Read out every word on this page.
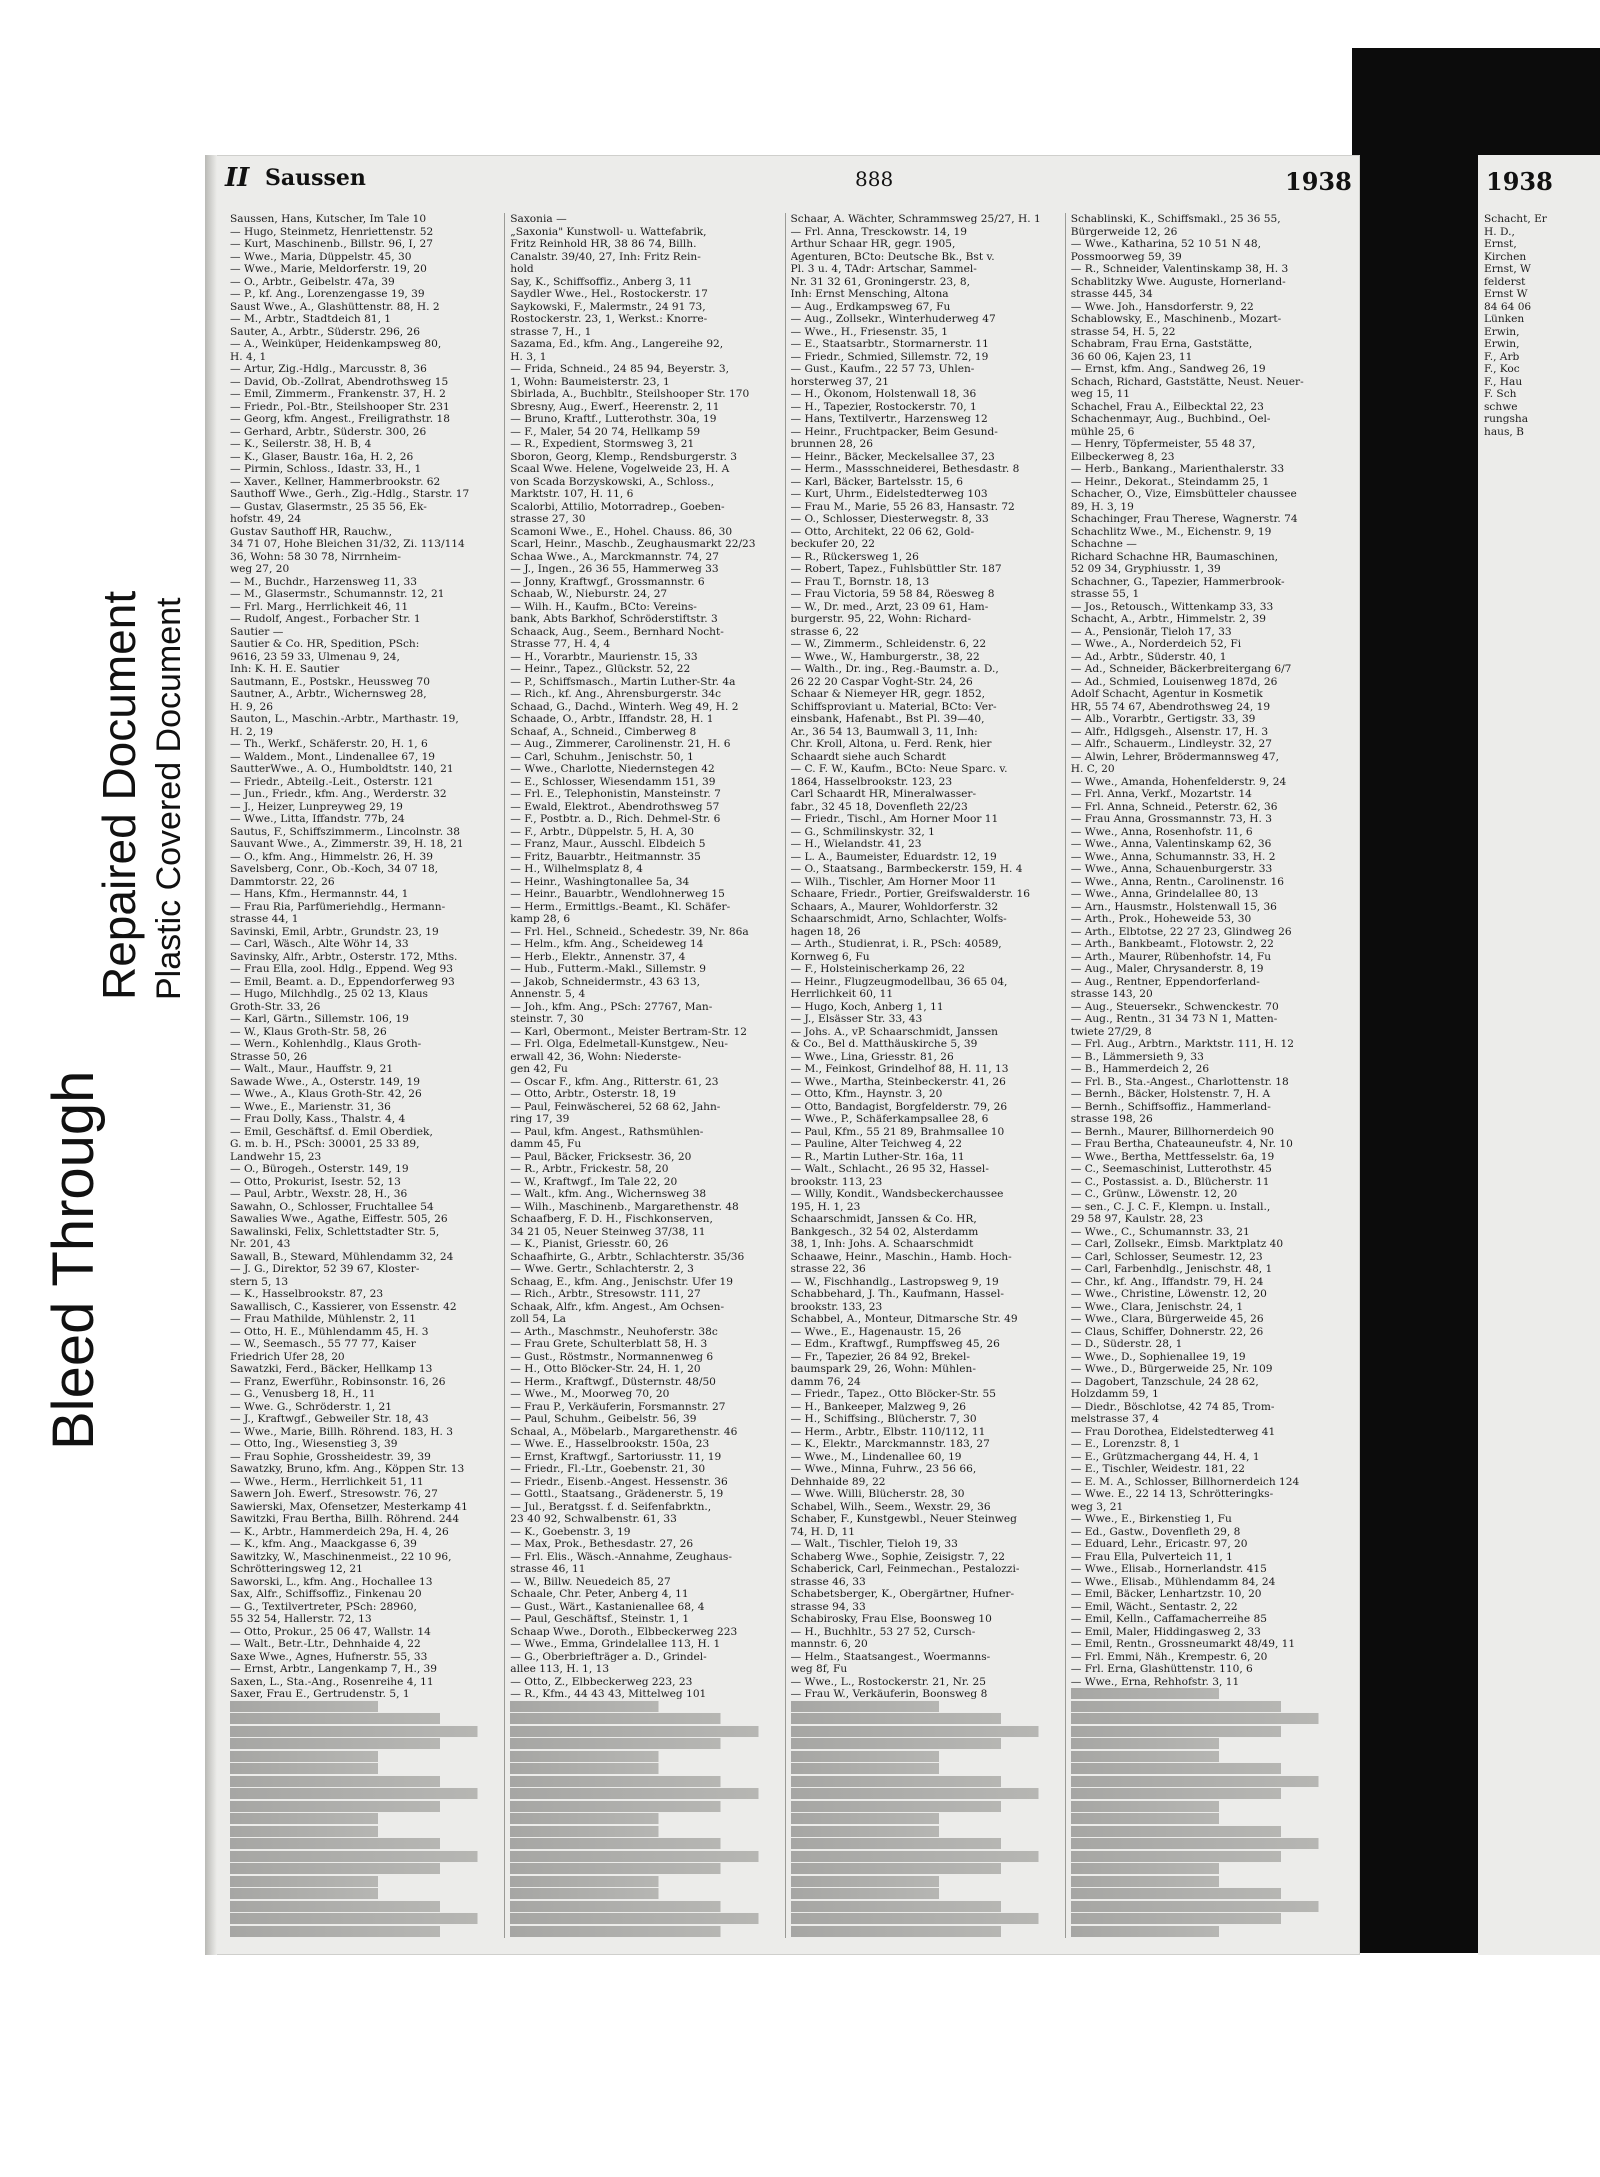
Bleed Through
Repaired Document Plastic Covered Document
II Saussen	888	1938
Saussen, Hans, Kutscher, Im Tale 10
— Hugo, Steinmetz, Henriettenstr. 52
— Kurt, Maschinenb., Billstr. 96, I, 27
— Wwe., Maria, Düppelstr. 45, 30
— Wwe., Marie, Meldorferstr. 19, 20
— O., Arbtr., Geibelstr. 47a, 39
— P., kf. Ang., Lorenzengasse 19, 39
Saust Wwe., A., Glashüttenstr. 88, H. 2
— M., Arbtr., Stadtdeich 81, 1
Sauter, A., Arbtr., Süderstr. 296, 26
— A., Weinküper, Heidenkampsweg 80,
H. 4, 1
— Artur, Zig.-Hdlg., Marcusstr. 8, 36
— David, Ob.-Zollrat, Abendrothsweg 15
— Emil, Zimmerm., Frankenstr. 37, H. 2
— Friedr., Pol.-Btr., Steilshooper Str. 231
— Georg, kfm. Angest., Freiligrathstr. 18
— Gerhard, Arbtr., Süderstr. 300, 26
— K., Seilerstr. 38, H. B, 4
— K., Glaser, Baustr. 16a, H. 2, 26
— Pirmin, Schloss., Idastr. 33, H., 1
— Xaver., Kellner, Hammerbrookstr. 62
Sauthoff Wwe., Gerh., Zig.-Hdlg., Starstr. 17
— Gustav, Glasermstr., 25 35 56, Ek-
hofstr. 49, 24
Gustav Sauthoff HR, Rauchw.,
34 71 07, Hohe Bleichen 31/32, Zi. 113/114
36, Wohn: 58 30 78, Nirrnheim-
weg 27, 20
— M., Buchdr., Harzensweg 11, 33
— M., Glasermstr., Schumannstr. 12, 21
— Frl. Marg., Herrlichkeit 46, 11
— Rudolf, Angest., Forbacher Str. 1
Sautier —
Sautier & Co. HR, Spedition, PSch:
9616, 23 59 33, Ulmenau 9, 24,
Inh: K. H. E. Sautier
Sautmann, E., Postskr., Heussweg 70
Sautner, A., Arbtr., Wichernsweg 28,
H. 9, 26
Sauton, L., Maschin.-Arbtr., Marthastr. 19,
H. 2, 19
— Th., Werkf., Schäferstr. 20, H. 1, 6
— Waldem., Mont., Lindenallee 67, 19
SautterWwe., A. O., Humboldtstr. 140, 21
— Friedr., Abteilg.-Leit., Osterstr. 121
— Jun., Friedr., kfm. Ang., Werderstr. 32
— J., Heizer, Lunpreyweg 29, 19
— Wwe., Litta, Iffandstr. 77b, 24
Sautus, F., Schiffszimmerm., Lincolnstr. 38
Sauvant Wwe., A., Zimmerstr. 39, H. 18, 21
— O., kfm. Ang., Himmelstr. 26, H. 39
Savelsberg, Conr., Ob.-Koch, 34 07 18,
Dammtorstr. 22, 26
— Hans, Kfm., Hermannstr. 44, 1
— Frau Ria, Parfümeriehdlg., Hermann-
strasse 44, 1
Savinski, Emil, Arbtr., Grundstr. 23, 19
— Carl, Wäsch., Alte Wöhr 14, 33
Savinsky, Alfr., Arbtr., Osterstr. 172, Mths.
— Frau Ella, zool. Hdlg., Eppend. Weg 93
— Emil, Beamt. a. D., Eppendorferweg 93
— Hugo, Milchhdlg., 25 02 13, Klaus
Groth-Str. 33, 26
— Karl, Gärtn., Sillemstr. 106, 19
— W., Klaus Groth-Str. 58, 26
— Wern., Kohlenhdlg., Klaus Groth-
Strasse 50, 26
— Walt., Maur., Hauffstr. 9, 21
Sawade Wwe., A., Osterstr. 149, 19
— Wwe., A., Klaus Groth-Str. 42, 26
— Wwe., E., Marienstr. 31, 36
— Frau Dolly, Kass., Thalstr. 4, 4
— Emil, Geschäftsf. d. Emil Oberdiek,
G. m. b. H., PSch: 30001, 25 33 89,
Landwehr 15, 23
— O., Bürogeh., Osterstr. 149, 19
— Otto, Prokurist, Isestr. 52, 13
— Paul, Arbtr., Wexstr. 28, H., 36
Sawahn, O., Schlosser, Fruchtallee 54
Sawalies Wwe., Agathe, Eiffestr. 505, 26
Sawalinski, Felix, Schlettstadter Str. 5,
Nr. 201, 43
Sawall, B., Steward, Mühlendamm 32, 24
— J. G., Direktor, 52 39 67, Kloster-
stern 5, 13
— K., Hasselbrookstr. 87, 23
Sawallisch, C., Kassierer, von Essenstr. 42
— Frau Mathilde, Mühlenstr. 2, 11
— Otto, H. E., Mühlendamm 45, H. 3
— W., Seemasch., 55 77 77, Kaiser
Friedrich Ufer 28, 20
Sawatzki, Ferd., Bäcker, Hellkamp 13
— Franz, Ewerführ., Robinsonstr. 16, 26
— G., Venusberg 18, H., 11
— Wwe. G., Schröderstr. 1, 21
— J., Kraftwgf., Gebweiler Str. 18, 43
— Wwe., Marie, Billh. Röhrend. 183, H. 3
— Otto, Ing., Wiesenstieg 3, 39
— Frau Sophie, Grossheidestr. 39, 39
Sawatzky, Bruno, kfm. Ang., Köppen Str. 13
— Wwe., Herm., Herrlichkeit 51, 11
Sawern Joh. Ewerf., Stresowstr. 76, 27
Sawierski, Max, Ofensetzer, Mesterkamp 41
Sawitzki, Frau Bertha, Billh. Röhrend. 244
— K., Arbtr., Hammerdeich 29a, H. 4, 26
— K., kfm. Ang., Maackgasse 6, 39
Sawitzky, W., Maschinenmeist., 22 10 96,
Schrötteringsweg 12, 21
Saworski, L., kfm. Ang., Hochallee 13
Sax, Alfr., Schiffsoffiz., Finkenau 20
— G., Textilvertreter, PSch: 28960,
55 32 54, Hallerstr. 72, 13
— Otto, Prokur., 25 06 47, Wallstr. 14
— Walt., Betr.-Ltr., Dehnhaide 4, 22
Saxe Wwe., Agnes, Hufnerstr. 55, 33
— Ernst, Arbtr., Langenkamp 7, H., 39
Saxen, L., Sta.-Ang., Rosenreihe 4, 11
Saxer, Frau E., Gertrudenstr. 5, 1
Saxonia —
„Saxonia" Kunstwoll- u. Wattefabrik,
Fritz Reinhold HR, 38 86 74, Billh.
Canalstr. 39/40, 27, Inh: Fritz Rein-
hold
Say, K., Schiffsoffiz., Anberg 3, 11
Saydler Wwe., Hel., Rostockerstr. 17
Saykowski, F., Malermstr., 24 91 73,
Rostockerstr. 23, 1, Werkst.: Knorre-
strasse 7, H., 1
Sazama, Ed., kfm. Ang., Langereihe 92,
H. 3, 1
— Frida, Schneid., 24 85 94, Beyerstr. 3,
1, Wohn: Baumeisterstr. 23, 1
Sbirlada, A., Buchbltr., Steilshooper Str. 170
Sbresny, Aug., Ewerf., Heerenstr. 2, 11
— Bruno, Kraftf., Lutterothstr. 30a, 19
— F., Maler, 54 20 74, Hellkamp 59
— R., Expedient, Stormsweg 3, 21
Sboron, Georg, Klemp., Rendsburgerstr. 3
Scaal Wwe. Helene, Vogelweide 23, H. A
von Scada Borzyskowski, A., Schloss.,
Marktstr. 107, H. 11, 6
Scalorbi, Attilio, Motorradrep., Goeben-
strasse 27, 30
Scamoni Wwe., E., Hohel. Chauss. 86, 30
Scarl, Heinr., Maschb., Zeughausmarkt 22/23
Schaa Wwe., A., Marckmannstr. 74, 27
— J., Ingen., 26 36 55, Hammerweg 33
— Jonny, Kraftwgf., Grossmannstr. 6
Schaab, W., Nieburstr. 24, 27
— Wilh. H., Kaufm., BCto: Vereins-
bank, Abts Barkhof, Schröderstiftstr. 3
Schaack, Aug., Seem., Bernhard Nocht-
Strasse 77, H. 4, 4
— H., Vorarbtr., Maurienstr. 15, 33
— Heinr., Tapez., Glückstr. 52, 22
— P., Schiffsmasch., Martin Luther-Str. 4a
— Rich., kf. Ang., Ahrensburgerstr. 34c
Schaad, G., Dachd., Winterh. Weg 49, H. 2
Schaade, O., Arbtr., Iffandstr. 28, H. 1
Schaaf, A., Schneid., Cimberweg 8
— Aug., Zimmerer, Carolinenstr. 21, H. 6
— Carl, Schuhm., Jenischstr. 50, 1
— Wwe., Charlotte, Niedernstegen 42
— E., Schlosser, Wiesendamm 151, 39
— Frl. E., Telephonistin, Mansteinstr. 7
— Ewald, Elektrot., Abendrothsweg 57
— F., Postbtr. a. D., Rich. Dehmel-Str. 6
— F., Arbtr., Düppelstr. 5, H. A, 30
— Franz, Maur., Ausschl. Elbdeich 5
— Fritz, Bauarbtr., Heitmannstr. 35
— H., Wilhelmsplatz 8, 4
— Heinr., Washingtonallee 5a, 34
— Heinr., Bauarbtr., Wendlohnerweg 15
— Herm., Ermittlgs.-Beamt., Kl. Schäfer-
kamp 28, 6
— Frl. Hel., Schneid., Schedestr. 39, Nr. 86a
— Helm., kfm. Ang., Scheideweg 14
— Herb., Elektr., Annenstr. 37, 4
— Hub., Futterm.-Makl., Sillemstr. 9
— Jakob, Schneidermstr., 43 63 13,
Annenstr. 5, 4
— Joh., kfm. Ang., PSch: 27767, Man-
steinstr. 7, 30
— Karl, Obermont., Meister Bertram-Str. 12
— Frl. Olga, Edelmetall-Kunstgew., Neu-
erwall 42, 36, Wohn: Niederste-
gen 42, Fu
— Oscar F., kfm. Ang., Ritterstr. 61, 23
— Otto, Arbtr., Osterstr. 18, 19
— Paul, Feinwäscherei, 52 68 62, Jahn-
ring 17, 39
— Paul, kfm. Angest., Rathsmühlen-
damm 45, Fu
— Paul, Bäcker, Fricksestr. 36, 20
— R., Arbtr., Frickestr. 58, 20
— W., Kraftwgf., Im Tale 22, 20
— Walt., kfm. Ang., Wichernsweg 38
— Wilh., Maschinenb., Margarethenstr. 48
Schaafberg, F. D. H., Fischkonserven,
34 21 05, Neuer Steinweg 37/38, 11
— K., Pianist, Griesstr. 60, 26
Schaafhirte, G., Arbtr., Schlachterstr. 35/36
— Wwe. Gertr., Schlachterstr. 2, 3
Schaag, E., kfm. Ang., Jenischstr. Ufer 19
— Rich., Arbtr., Stresowstr. 111, 27
Schaak, Alfr., kfm. Angest., Am Ochsen-
zoll 54, La
— Arth., Maschmstr., Neuhoferstr. 38c
— Frau Grete, Schulterblatt 58, H. 3
— Gust., Röstmstr., Normannenweg 6
— H., Otto Blöcker-Str. 24, H. 1, 20
— Herm., Kraftwgf., Düsternstr. 48/50
— Wwe., M., Moorweg 70, 20
— Frau P., Verkäuferin, Forsmannstr. 27
— Paul, Schuhm., Geibelstr. 56, 39
Schaal, A., Möbelarb., Margarethenstr. 46
— Wwe. E., Hasselbrookstr. 150a, 23
— Ernst, Kraftwgf., Sartoriusstr. 11, 19
— Friedr., Fl.-Ltr., Goebenstr. 21, 30
— Friedr., Eisenb.-Angest. Hessenstr. 36
— Gottl., Staatsang., Grädenerstr. 5, 19
— Jul., Beratgsst. f. d. Seifenfabrktn.,
23 40 92, Schwalbenstr. 61, 33
— K., Goebenstr. 3, 19
— Max, Prok., Bethesdastr. 27, 26
— Frl. Elis., Wäsch.-Annahme, Zeughaus-
strasse 46, 11
— W., Billw. Neuedeich 85, 27
Schaale, Chr. Peter, Anberg 4, 11
— Gust., Wärt., Kastanienallee 68, 4
— Paul, Geschäftsf., Steinstr. 1, 1
Schaap Wwe., Doroth., Elbbeckerweg 223
— Wwe., Emma, Grindelallee 113, H. 1
— G., Oberbriefträger a. D., Grindel-
allee 113, H. 1, 13
— Otto, Z., Elbbeckerweg 223, 23
— R., Kfm., 44 43 43, Mittelweg 101
Schaar, A. Wächter, Schrammsweg 25/27, H. 1
— Frl. Anna, Tresckowstr. 14, 19
Arthur Schaar HR, gegr. 1905,
Agenturen, BCto: Deutsche Bk., Bst v.
Pl. 3 u. 4, TAdr: Artschar, Sammel-
Nr. 31 32 61, Groningerstr. 23, 8,
Inh: Ernst Mensching, Altona
— Aug., Erdkampsweg 67, Fu
— Aug., Zollsekr., Winterhuderweg 47
— Wwe., H., Friesenstr. 35, 1
— E., Staatsarbtr., Stormarnerstr. 11
— Friedr., Schmied, Sillemstr. 72, 19
— Gust., Kaufm., 22 57 73, Uhlen-
horsterweg 37, 21
— H., Ökonom, Holstenwall 18, 36
— H., Tapezier, Rostockerstr. 70, 1
— Hans, Textilvertr., Harzensweg 12
— Heinr., Fruchtpacker, Beim Gesund-
brunnen 28, 26
— Heinr., Bäcker, Meckelsallee 37, 23
— Herm., Massschneiderei, Bethesdastr. 8
— Karl, Bäcker, Bartelsstr. 15, 6
— Kurt, Uhrm., Eidelstedterweg 103
— Frau M., Marie, 55 26 83, Hansastr. 72
— O., Schlosser, Diesterwegstr. 8, 33
— Otto, Architekt, 22 06 62, Gold-
beckufer 20, 22
— R., Rückersweg 1, 26
— Robert, Tapez., Fuhlsbüttler Str. 187
— Frau T., Bornstr. 18, 13
— Frau Victoria, 59 58 84, Röesweg 8
— W., Dr. med., Arzt, 23 09 61, Ham-
burgerstr. 95, 22, Wohn: Richard-
strasse 6, 22
— W., Zimmerm., Schleidenstr. 6, 22
— Wwe., W., Hamburgerstr., 38, 22
— Walth., Dr. ing., Reg.-Baumstr. a. D.,
26 22 20 Caspar Voght-Str. 24, 26
Schaar & Niemeyer HR, gegr. 1852,
Schiffsproviant u. Material, BCto: Ver-
einsbank, Hafenabt., Bst Pl. 39—40,
Ar., 36 54 13, Baumwall 3, 11, Inh:
Chr. Kroll, Altona, u. Ferd. Renk, hier
Schaardt siehe auch Schardt
— C. F. W., Kaufm., BCto: Neue Sparc. v.
1864, Hasselbrookstr. 123, 23
Carl Schaardt HR, Mineralwasser-
fabr., 32 45 18, Dovenfleth 22/23
— Friedr., Tischl., Am Horner Moor 11
— G., Schmilinskystr. 32, 1
— H., Wielandstr. 41, 23
— L. A., Baumeister, Eduardstr. 12, 19
— O., Staatsang., Barmbeckerstr. 159, H. 4
— Wilh., Tischler, Am Horner Moor 11
Schaare, Friedr., Portier, Greifswalderstr. 16
Schaars, A., Maurer, Wohldorferstr. 32
Schaarschmidt, Arno, Schlachter, Wolfs-
hagen 18, 26
— Arth., Studienrat, i. R., PSch: 40589,
Kornweg 6, Fu
— F., Holsteinischerkamp 26, 22
— Heinr., Flugzeugmodellbau, 36 65 04,
Herrlichkeit 60, 11
— Hugo, Koch, Anberg 1, 11
— J., Elsässer Str. 33, 43
— Johs. A., vP. Schaarschmidt, Janssen
& Co., Bel d. Matthäuskirche 5, 39
— Wwe., Lina, Griesstr. 81, 26
— M., Feinkost, Grindelhof 88, H. 11, 13
— Wwe., Martha, Steinbeckerstr. 41, 26
— Otto, Kfm., Haynstr. 3, 20
— Otto, Bandagist, Borgfelderstr. 79, 26
— Wwe., P., Schäferkampsallee 28, 6
— Paul, Kfm., 55 21 89, Brahmsallee 10
— Pauline, Alter Teichweg 4, 22
— R., Martin Luther-Str. 16a, 11
— Walt., Schlacht., 26 95 32, Hassel-
brookstr. 113, 23
— Willy, Kondit., Wandsbeckerchaussee
195, H. 1, 23
Schaarschmidt, Janssen & Co. HR,
Bankgesch., 32 54 02, Alsterdamm
38, 1, Inh: Johs. A. Schaarschmidt
Schaawe, Heinr., Maschin., Hamb. Hoch-
strasse 22, 36
— W., Fischhandlg., Lastropsweg 9, 19
Schabbehard, J. Th., Kaufmann, Hassel-
brookstr. 133, 23
Schabbel, A., Monteur, Ditmarsche Str. 49
— Wwe., E., Hagenaustr. 15, 26
— Edm., Kraftwgf., Rumpffsweg 45, 26
— Fr., Tapezier, 26 84 92, Brekel-
baumspark 29, 26, Wohn: Mühlen-
damm 76, 24
— Friedr., Tapez., Otto Blöcker-Str. 55
— H., Bankeeper, Malzweg 9, 26
— H., Schiffsing., Blücherstr. 7, 30
— Herm., Arbtr., Elbstr. 110/112, 11
— K., Elektr., Marckmannstr. 183, 27
— Wwe., M., Lindenallee 60, 19
— Wwe., Minna, Fuhrw., 23 56 66,
Dehnhaide 89, 22
— Wwe. Willi, Blücherstr. 28, 30
Schabel, Wilh., Seem., Wexstr. 29, 36
Schaber, F., Kunstgewbl., Neuer Steinweg
74, H. D, 11
— Walt., Tischler, Tieloh 19, 33
Schaberg Wwe., Sophie, Zeisigstr. 7, 22
Schaberick, Carl, Feinmechan., Pestalozzi-
strasse 46, 33
Schabetsberger, K., Obergärtner, Hufner-
strasse 94, 33
Schabirosky, Frau Else, Boonsweg 10
— H., Buchhltr., 53 27 52, Cursch-
mannstr. 6, 20
— Helm., Staatsangest., Woermanns-
weg 8f, Fu
— Wwe., L., Rostockerstr. 21, Nr. 25
— Frau W., Verkäuferin, Boonsweg 8
Schablinski, K., Schiffsmakl., 25 36 55,
Bürgerweide 12, 26
— Wwe., Katharina, 52 10 51 N 48,
Possmoorweg 59, 39
— R., Schneider, Valentinskamp 38, H. 3
Schablitzky Wwe. Auguste, Hornerland-
strasse 445, 34
— Wwe. Joh., Hansdorferstr. 9, 22
Schablowsky, E., Maschinenb., Mozart-
strasse 54, H. 5, 22
Schabram, Frau Erna, Gaststätte,
36 60 06, Kajen 23, 11
— Ernst, kfm. Ang., Sandweg 26, 19
Schach, Richard, Gaststätte, Neust. Neuer-
weg 15, 11
Schachel, Frau A., Eilbecktal 22, 23
Schachenmayr, Aug., Buchbind., Oel-
mühle 25, 6
— Henry, Töpfermeister, 55 48 37,
Eilbeckerweg 8, 23
— Herb., Bankang., Marienthalerstr. 33
— Heinr., Dekorat., Steindamm 25, 1
Schacher, O., Vize, Eimsbütteler chaussee
89, H. 3, 19
Schachinger, Frau Therese, Wagnerstr. 74
Schachlitz Wwe., M., Eichenstr. 9, 19
Schachne —
Richard Schachne HR, Baumaschinen,
52 09 34, Gryphiusstr. 1, 39
Schachner, G., Tapezier, Hammerbrook-
strasse 55, 1
— Jos., Retousch., Wittenkamp 33, 33
Schacht, A., Arbtr., Himmelstr. 2, 39
— A., Pensionär, Tieloh 17, 33
— Wwe., A., Norderdeich 52, Fi
— Ad., Arbtr., Süderstr. 40, 1
— Ad., Schneider, Bäckerbreitergang 6/7
— Ad., Schmied, Louisenweg 187d, 26
Adolf Schacht, Agentur in Kosmetik
HR, 55 74 67, Abendrothsweg 24, 19
— Alb., Vorarbtr., Gertigstr. 33, 39
— Alfr., Hdlgsgeh., Alsenstr. 17, H. 3
— Alfr., Schauerm., Lindleystr. 32, 27
— Alwin, Lehrer, Brödermannsweg 47,
H. C, 20
— Wwe., Amanda, Hohenfelderstr. 9, 24
— Frl. Anna, Verkf., Mozartstr. 14
— Frl. Anna, Schneid., Peterstr. 62, 36
— Frau Anna, Grossmannstr. 73, H. 3
— Wwe., Anna, Rosenhofstr. 11, 6
— Wwe., Anna, Valentinskamp 62, 36
— Wwe., Anna, Schumannstr. 33, H. 2
— Wwe., Anna, Schauenburgerstr. 33
— Wwe., Anna, Rentn., Carolinenstr. 16
— Wwe., Anna, Grindelallee 80, 13
— Arn., Hausmstr., Holstenwall 15, 36
— Arth., Prok., Hoheweide 53, 30
— Arth., Elbtotse, 22 27 23, Glindweg 26
— Arth., Bankbeamt., Flotowstr. 2, 22
— Arth., Maurer, Rübenhofstr. 14, Fu
— Aug., Maler, Chrysanderstr. 8, 19
— Aug., Rentner, Eppendorferland-
strasse 143, 20
— Aug., Steuersekr., Schwenckestr. 70
— Aug., Rentn., 31 34 73 N 1, Matten-
twiete 27/29, 8
— Frl. Aug., Arbtrn., Marktstr. 111, H. 12
— B., Lämmersieth 9, 33
— B., Hammerdeich 2, 26
— Frl. B., Sta.-Angest., Charlottenstr. 18
— Bernh., Bäcker, Holstenstr. 7, H. A
— Bernh., Schiffsoffiz., Hammerland-
strasse 198, 26
— Bernh., Maurer, Billhornerdeich 90
— Frau Bertha, Chateauneufstr. 4, Nr. 10
— Wwe., Bertha, Mettfesselstr. 6a, 19
— C., Seemaschinist, Lutterothstr. 45
— C., Postassist. a. D., Blücherstr. 11
— C., Grünw., Löwenstr. 12, 20
— sen., C. J. C. F., Klempn. u. Install.,
29 58 97, Kaulstr. 28, 23
— Wwe., C., Schumannstr. 33, 21
— Carl, Zollsekr., Eimsb. Marktplatz 40
— Carl, Schlosser, Seumestr. 12, 23
— Carl, Farbenhdlg., Jenischstr. 48, 1
— Chr., kf. Ang., Iffandstr. 79, H. 24
— Wwe., Christine, Löwenstr. 12, 20
— Wwe., Clara, Jenischstr. 24, 1
— Wwe., Clara, Bürgerweide 45, 26
— Claus, Schiffer, Dohnerstr. 22, 26
— D., Süderstr. 28, 1
— Wwe., D., Sophienallee 19, 19
— Wwe., D., Bürgerweide 25, Nr. 109
— Dagobert, Tanzschule, 24 28 62,
Holzdamm 59, 1
— Diedr., Böschlotse, 42 74 85, Trom-
melstrasse 37, 4
— Frau Dorothea, Eidelstedterweg 41
— E., Lorenzstr. 8, 1
— E., Grützmachergang 44, H. 4, 1
— E., Tischler, Weidestr. 181, 22
— E. M. A., Schlosser, Billhornerdeich 124
— Wwe. E., 22 14 13, Schrötteringks-
weg 3, 21
— Wwe., E., Birkenstieg 1, Fu
— Ed., Gastw., Dovenfleth 29, 8
— Eduard, Lehr., Ericastr. 97, 20
— Frau Ella, Pulverteich 11, 1
— Wwe., Elisab., Hornerlandstr. 415
— Wwe., Elisab., Mühlendamm 84, 24
— Emil, Bäcker, Lenhartzstr. 10, 20
— Emil, Wächt., Sentastr. 2, 22
— Emil, Kelln., Caffamacherreihe 85
— Emil, Maler, Hiddingasweg 2, 33
— Emil, Rentn., Grossneumarkt 48/49, 11
— Frl. Emmi, Näh., Krempestr. 6, 20
— Frl. Erna, Glashüttenstr. 110, 6
— Wwe., Erna, Rehhofstr. 3, 11
1938
Schacht, Er
H. D.,
Ernst,
Kirchen
Ernst, W
felderst
Ernst W
84 64 06
Lünken
Erwin,
Erwin,
F., Arb
F., Koc
F., Hau
F. Sch
schwe
rungsha
haus, B
